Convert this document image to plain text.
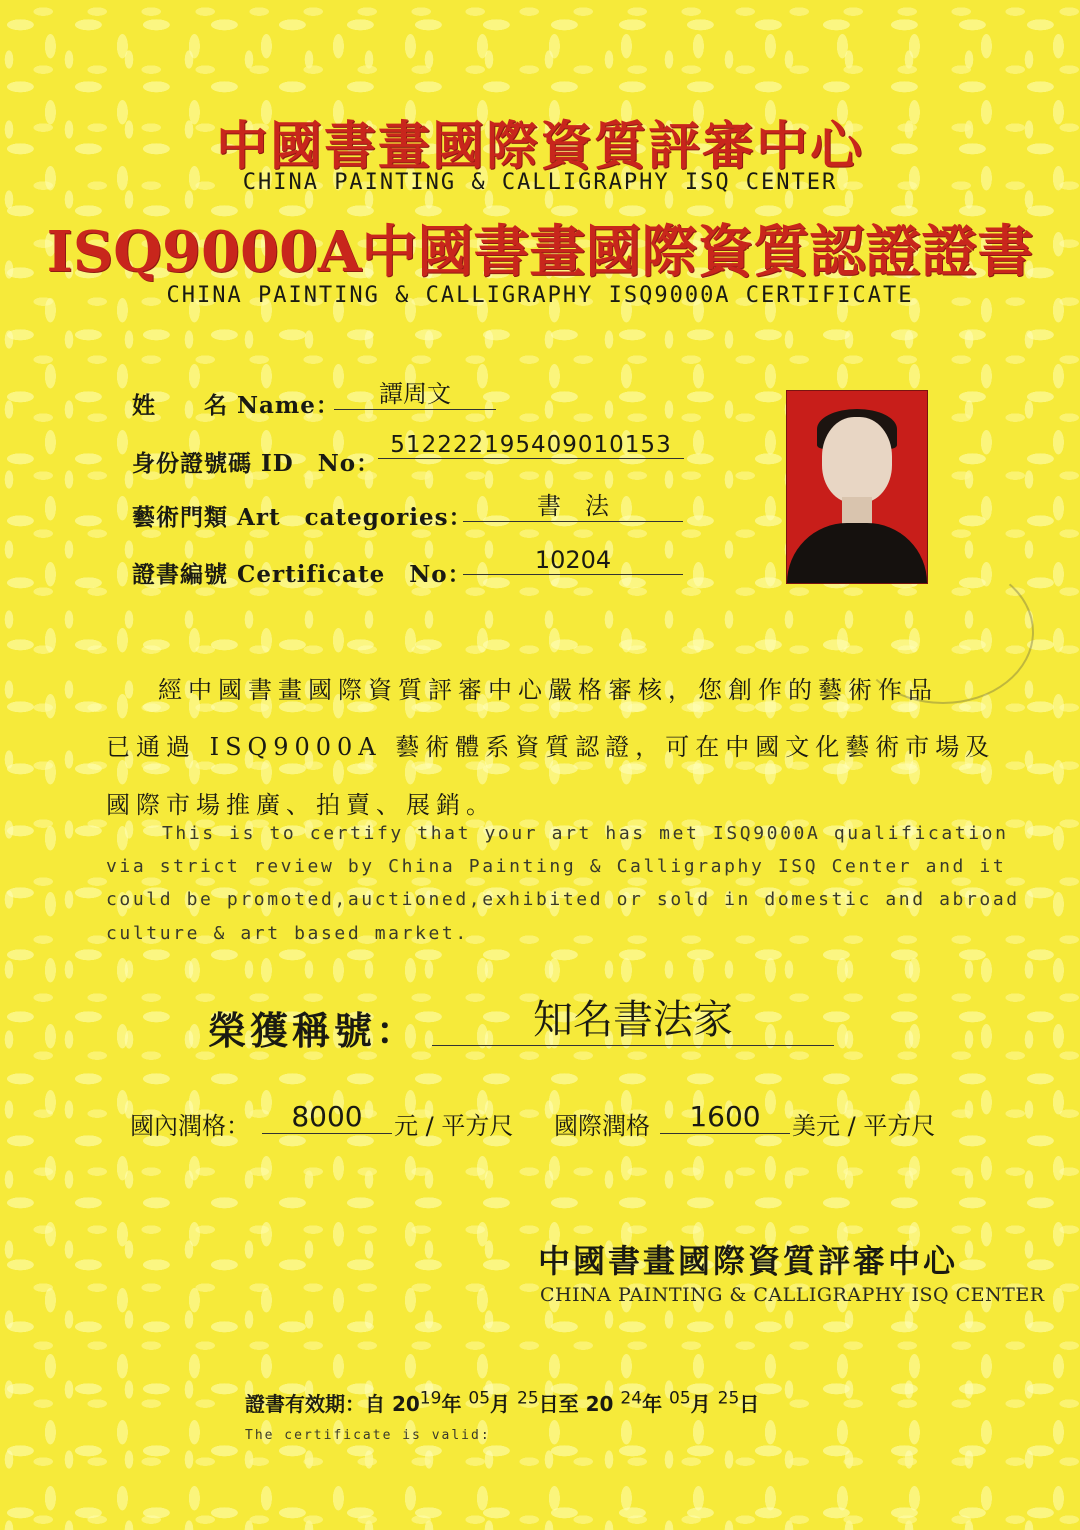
中國書畫國際資質評審中心
CHINA PAINTING & CALLIGRAPHY ISQ CENTER
ISQ9000A中國書畫國際資質認證證書
CHINA PAINTING & CALLIGRAPHY ISQ9000A CERTIFICATE
姓　　名 Name：	譚周文
身份證號碼 ID　No：
512222195409010153
藝術門類 Art　categories：	書　法
證書編號 Certificate　No：
10204
經中國書畫國際資質評審中心嚴格審核，您創作的藝術作品
已通過 ISQ9000A 藝術體系資質認證，可在中國文化藝術市場及
國際市場推廣、拍賣、展銷。
This is to certify that your art has met ISQ9000A qualification
via strict review by China Painting & Calligraphy ISQ Center and it
could be promoted,auctioned,exhibited or sold in domestic and abroad
culture & art based market.
榮獲稱號：	知名書法家
國內潤格：	8000	元 / 平方尺 國際潤格	1600	美元 / 平方尺
中國書畫國際資質評審中心
CHINA PAINTING & CALLIGRAPHY ISQ CENTER
證書有效期：自 $20^{19}$年 $^{05}$月 $^{25}$日至 20 $^{24}$年 $^{05}$月 $^{25}$日
The certificate is valid:
